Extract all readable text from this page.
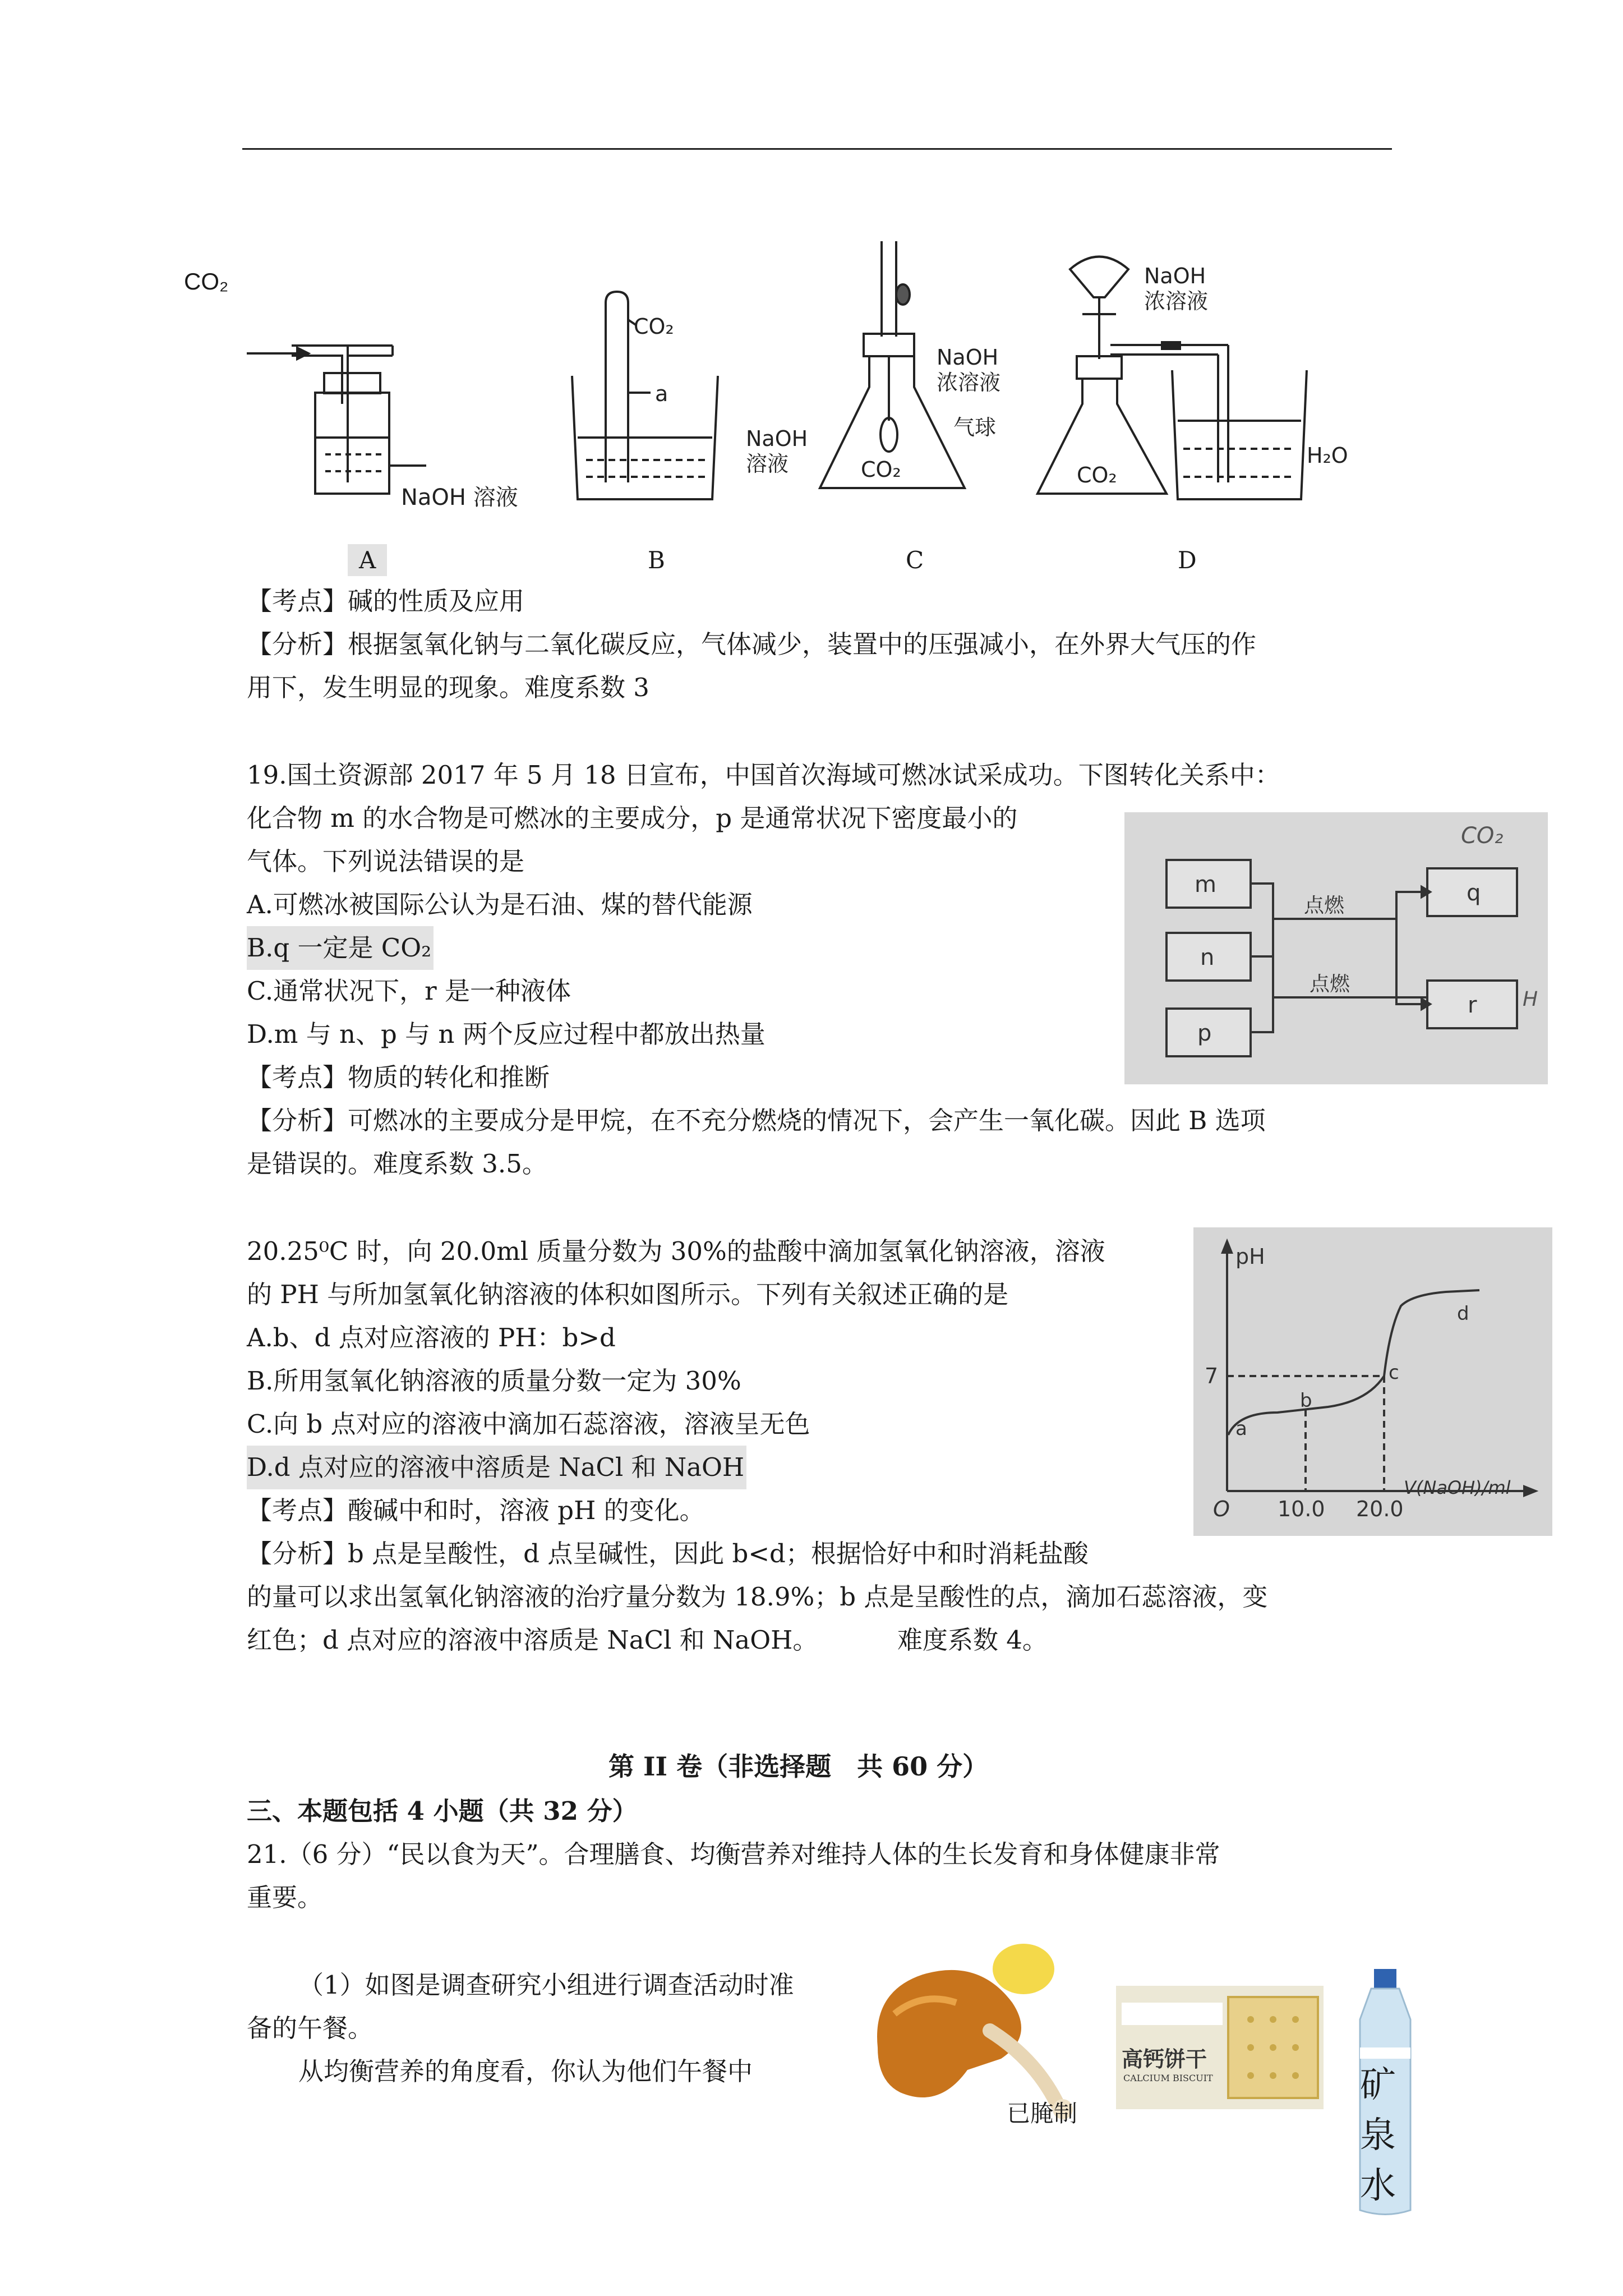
CO₂
NaOH 溶液
CO₂
a
NaOH
溶液
NaOH
浓溶液
气球
CO₂
NaOH
浓溶液
CO₂
H₂O
A	B	C	D
【考点】碱的性质及应用
【分析】根据氢氧化钠与二氧化碳反应，气体减少，装置中的压强减小，在外界大气压的作
用下，发生明显的现象。难度系数 3
19.国土资源部 2017 年 5 月 18 日宣布，中国首次海域可燃冰试采成功。下图转化关系中：
化合物 m 的水合物是可燃冰的主要成分，p 是通常状况下密度最小的
气体。下列说法错误的是
A.可燃冰被国际公认为是石油、煤的替代能源
B.q 一定是 CO₂
C.通常状况下，r 是一种液体
D.m 与 n、p 与 n 两个反应过程中都放出热量
【考点】物质的转化和推断
【分析】可燃冰的主要成分是甲烷，在不充分燃烧的情况下，会产生一氧化碳。因此 B 选项
是错误的。难度系数 3.5。
m
n
p
q
r
点燃
点燃
CO₂
H
20.25⁰C 时，向 20.0ml 质量分数为 30%的盐酸中滴加氢氧化钠溶液，溶液
的 PH 与所加氢氧化钠溶液的体积如图所示。下列有关叙述正确的是
A.b、d 点对应溶液的 PH：b>d
B.所用氢氧化钠溶液的质量分数一定为 30%
C.向 b 点对应的溶液中滴加石蕊溶液，溶液呈无色
D.d 点对应的溶液中溶质是 NaCl 和 NaOH
【考点】酸碱中和时，溶液 pH 的变化。
【分析】b 点是呈酸性，d 点呈碱性，因此 b<d；根据恰好中和时消耗盐酸
的量可以求出氢氧化钠溶液的治疗量分数为 18.9%；b 点是呈酸性的点，滴加石蕊溶液，变
红色；d 点对应的溶液中溶质是 NaCl 和 NaOH。	难度系数 4。
pH
V(NaOH)/ml
O 10.0 20.0
7
a
b
c
d
第 II 卷（非选择题　共 60 分）
三、本题包括 4 小题（共 32 分）
21.（6 分）“民以食为天”。合理膳食、均衡营养对维持人体的生长发育和身体健康非常
重要。
（1）如图是调查研究小组进行调查活动时准
备的午餐。
从均衡营养的角度看，你认为他们午餐中
已腌制
高钙饼干
CALCIUM BISCUIT	矿
泉
水
